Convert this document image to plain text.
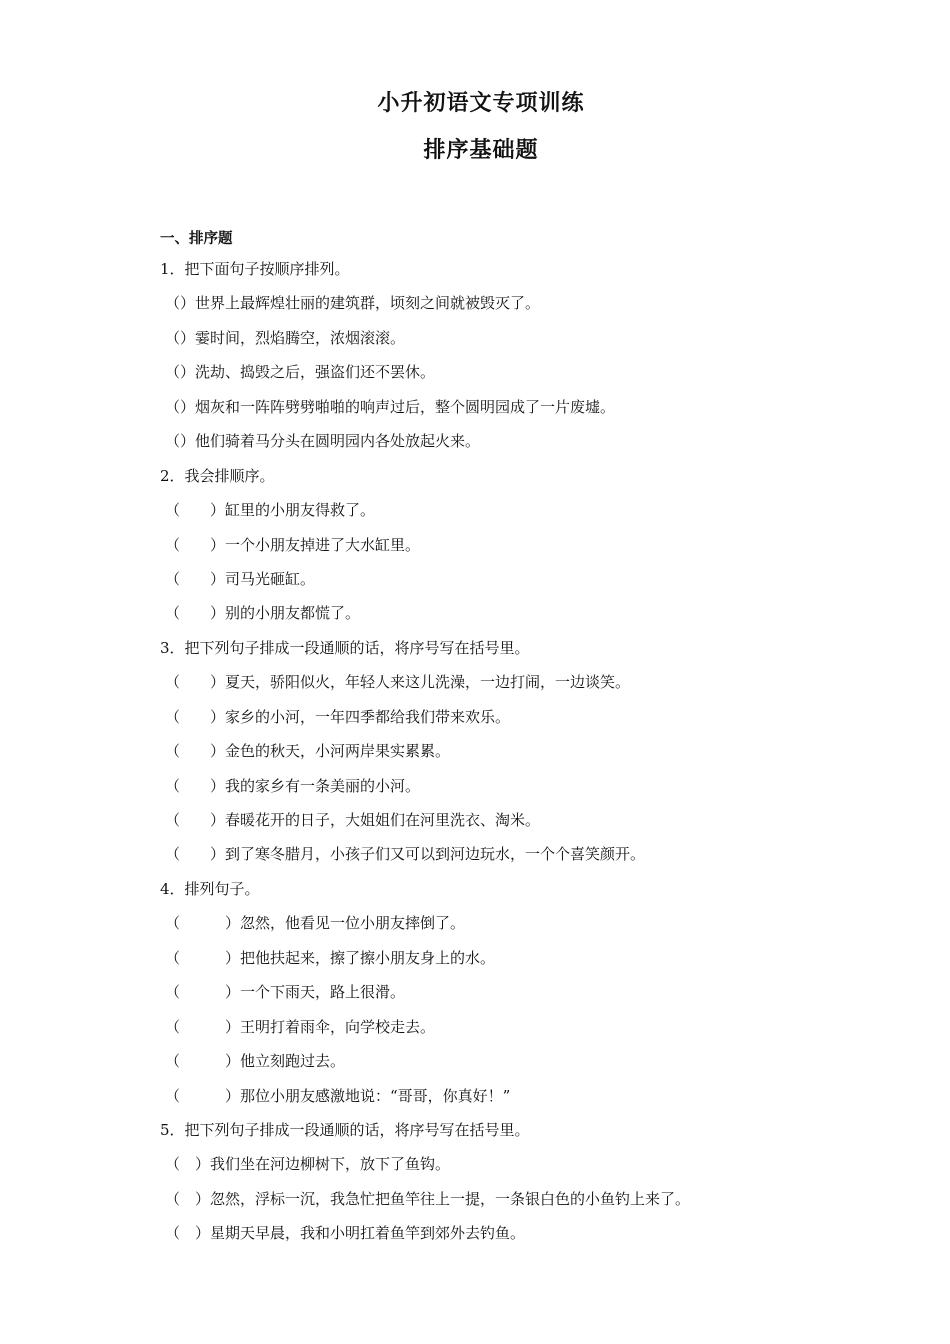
小升初语文专项训练
排序基础题
一、排序题
1．把下面句子按顺序排列。
（）世界上最辉煌壮丽的建筑群，顷刻之间就被毁灭了。
（）霎时间，烈焰腾空，浓烟滚滚。
（）洗劫、捣毁之后，强盗们还不罢休。
（）烟灰和一阵阵劈劈啪啪的响声过后，整个圆明园成了一片废墟。
（）他们骑着马分头在圆明园内各处放起火来。
2．我会排顺序。
（　　）缸里的小朋友得救了。
（　　）一个小朋友掉进了大水缸里。
（　　）司马光砸缸。
（　　）别的小朋友都慌了。
3．把下列句子排成一段通顺的话，将序号写在括号里。
（　　）夏天，骄阳似火，年轻人来这儿洗澡，一边打闹，一边谈笑。
（　　）家乡的小河，一年四季都给我们带来欢乐。
（　　）金色的秋天，小河两岸果实累累。
（　　）我的家乡有一条美丽的小河。
（　　）春暖花开的日子，大姐姐们在河里洗衣、淘米。
（　　）到了寒冬腊月，小孩子们又可以到河边玩水，一个个喜笑颜开。
4．排列句子。
（　　　）忽然，他看见一位小朋友摔倒了。
（　　　）把他扶起来，擦了擦小朋友身上的水。
（　　　）一个下雨天，路上很滑。
（　　　）王明打着雨伞，向学校走去。
（　　　）他立刻跑过去。
（　　　）那位小朋友感激地说：“哥哥，你真好！”
5．把下列句子排成一段通顺的话，将序号写在括号里。
（　）我们坐在河边柳树下，放下了鱼钩。
（　）忽然，浮标一沉，我急忙把鱼竿往上一提，一条银白色的小鱼钓上来了。
（　）星期天早晨，我和小明扛着鱼竿到郊外去钓鱼。
